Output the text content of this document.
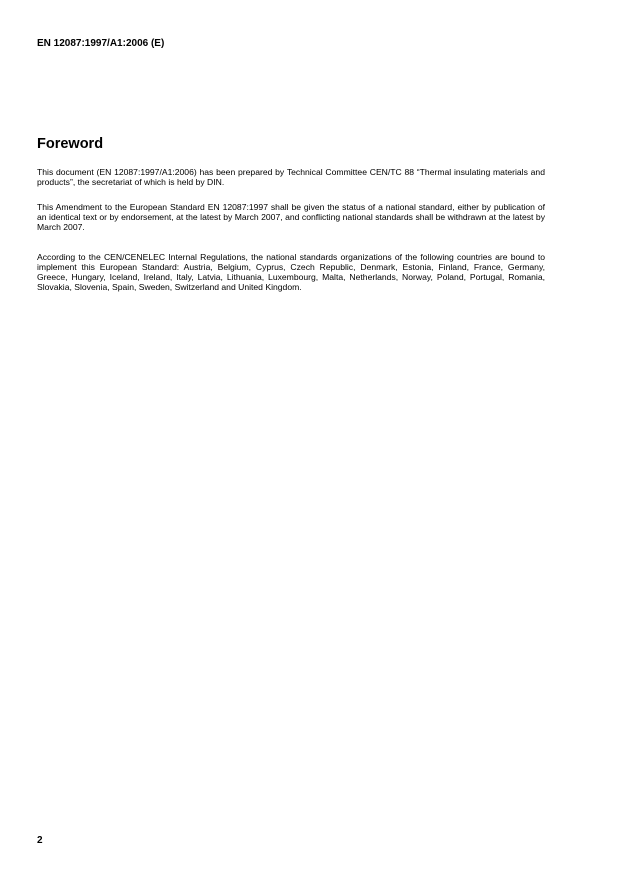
EN 12087:1997/A1:2006 (E)
Foreword

This document (EN 12087:1997/A1:2006) has been prepared by Technical Committee CEN/TC 88 “Thermal insulating materials and products”, the secretariat of which is held by DIN.

This Amendment to the European Standard EN 12087:1997 shall be given the status of a national standard, either by publication of an identical text or by endorsement, at the latest by March 2007, and conflicting national standards shall be withdrawn at the latest by March 2007.

According to the CEN/CENELEC Internal Regulations, the national standards organizations of the following countries are bound to implement this European Standard: Austria, Belgium, Cyprus, Czech Republic, Denmark, Estonia, Finland, France, Germany, Greece, Hungary, Iceland, Ireland, Italy, Latvia, Lithuania, Luxembourg, Malta, Netherlands, Norway, Poland, Portugal, Romania, Slovakia, Slovenia, Spain, Sweden, Switzerland and United Kingdom.

2
